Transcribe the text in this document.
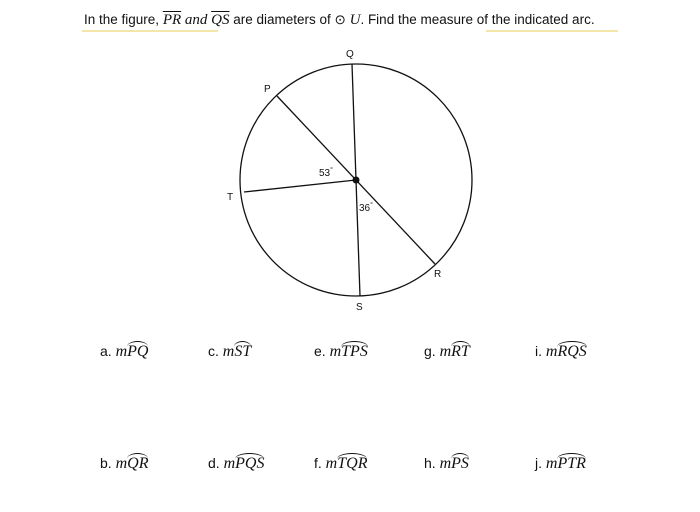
In the figure, $\overline{PR}$ and $\overline{QS}$ are diameters of ⊙ U. Find the measure of the indicated arc.
P
Q
R
S
T
53°
36°
a. mPQ	c. mST	e. mTPS	g. mRT	i. mRQS
b. mQR	d. mPQS	f. mTQR	h. mPS	j. mPTR
